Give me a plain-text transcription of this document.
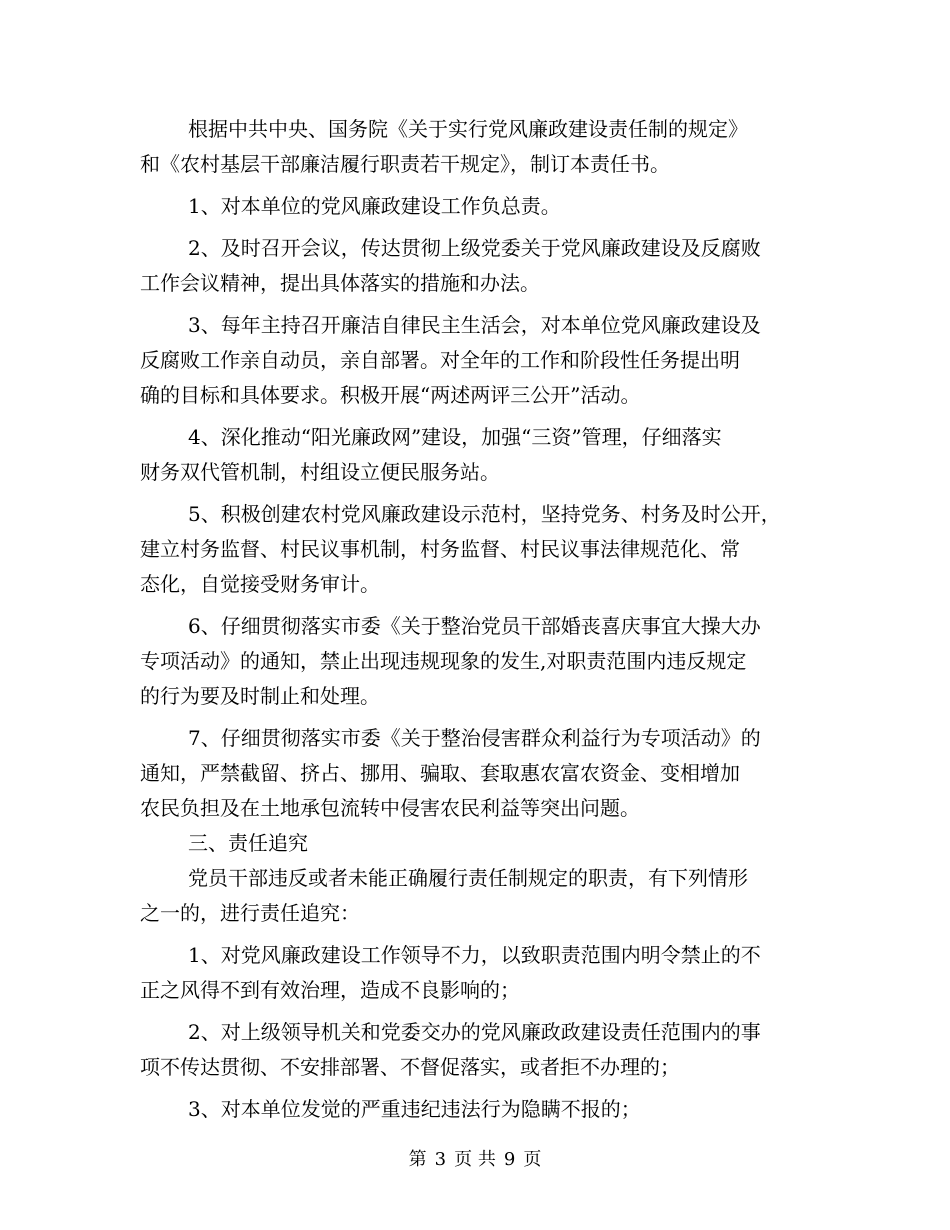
根据中共中央、国务院《关于实行党风廉政建设责任制的规定》
和《农村基层干部廉洁履行职责若干规定》，制订本责任书。
1、对本单位的党风廉政建设工作负总责。
2、及时召开会议，传达贯彻上级党委关于党风廉政建设及反腐败
工作会议精神，提出具体落实的措施和办法。
3、每年主持召开廉洁自律民主生活会，对本单位党风廉政建设及
反腐败工作亲自动员，亲自部署。对全年的工作和阶段性任务提出明
确的目标和具体要求。积极开展“两述两评三公开”活动。
4、深化推动“阳光廉政网”建设，加强“三资”管理，仔细落实
财务双代管机制，村组设立便民服务站。
5、积极创建农村党风廉政建设示范村，坚持党务、村务及时公开，
建立村务监督、村民议事机制，村务监督、村民议事法律规范化、常
态化，自觉接受财务审计。
6、仔细贯彻落实市委《关于整治党员干部婚丧喜庆事宜大操大办
专项活动》的通知，禁止出现违规现象的发生,对职责范围内违反规定
的行为要及时制止和处理。
7、仔细贯彻落实市委《关于整治侵害群众利益行为专项活动》的
通知，严禁截留、挤占、挪用、骗取、套取惠农富农资金、变相增加
农民负担及在土地承包流转中侵害农民利益等突出问题。
三、责任追究
党员干部违反或者未能正确履行责任制规定的职责，有下列情形
之一的，进行责任追究：
1、对党风廉政建设工作领导不力，以致职责范围内明令禁止的不
正之风得不到有效治理，造成不良影响的；
2、对上级领导机关和党委交办的党风廉政政建设责任范围内的事
项不传达贯彻、不安排部署、不督促落实，或者拒不办理的；
3、对本单位发觉的严重违纪违法行为隐瞒不报的；
第 3 页 共 9 页
